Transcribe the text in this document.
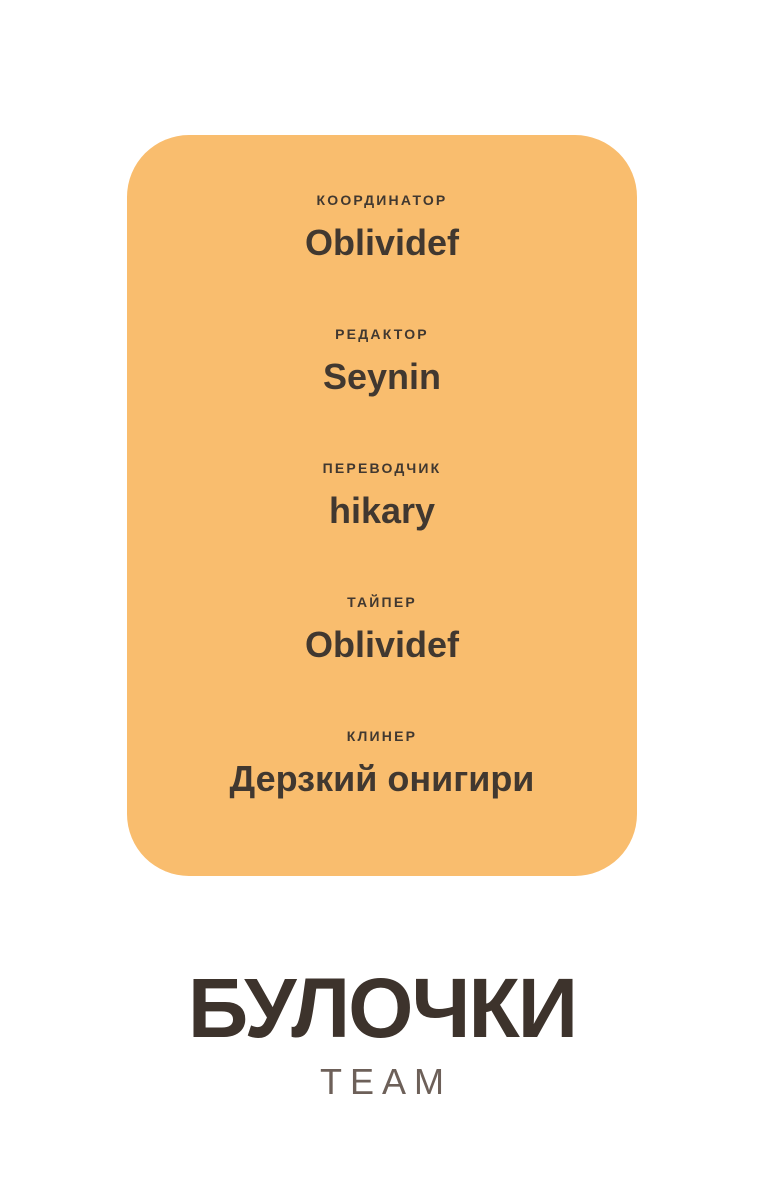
КООРДИНАТОР
Oblividef
РЕДАКТОР
Seynin
ПЕРЕВОДЧИК
hikary
ТАЙПЕР
Oblividef
КЛИНЕР
Дерзкий онигири
БУЛОЧКИ
TEAM
